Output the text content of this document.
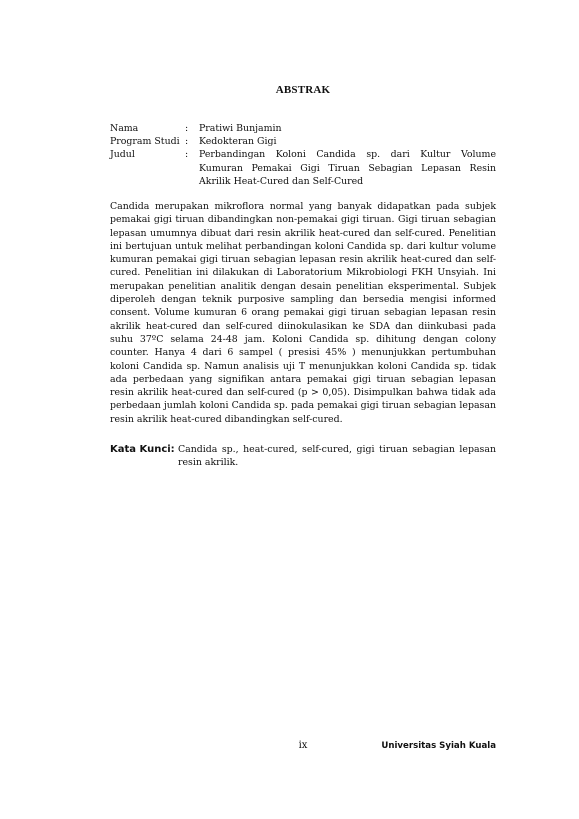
ABSTRAK
Nama	:	Pratiwi Bunjamin
Program Studi :	Kedokteran Gigi
Judul	:	Perbandingan Koloni Candida sp. dari Kultur Volume Kumuran Pemakai Gigi Tiruan Sebagian Lepasan Resin Akrilik Heat-Cured dan Self-Cured

Candida merupakan mikroflora normal yang banyak didapatkan pada subjek pemakai gigi tiruan dibandingkan non-pemakai gigi tiruan. Gigi tiruan sebagian lepasan umumnya dibuat dari resin akrilik heat-cured dan self-cured. Penelitian ini bertujuan untuk melihat perbandingan koloni Candida sp. dari kultur volume kumuran pemakai gigi tiruan sebagian lepasan resin akrilik heat-cured dan self-cured. Penelitian ini dilakukan di Laboratorium Mikrobiologi FKH Unsyiah. Ini merupakan penelitian analitik dengan desain penelitian eksperimental. Subjek diperoleh dengan teknik purposive sampling dan bersedia mengisi informed consent. Volume kumuran 6 orang pemakai gigi tiruan sebagian lepasan resin akrilik heat-cured dan self-cured diinokulasikan ke SDA dan diinkubasi pada suhu 37ºC selama 24-48 jam. Koloni Candida sp. dihitung dengan colony counter. Hanya 4 dari 6 sampel ( presisi 45% ) menunjukkan pertumbuhan koloni Candida sp. Namun analisis uji T menunjukkan koloni Candida sp. tidak ada perbedaan yang signifikan antara pemakai gigi tiruan sebagian lepasan resin akrilik heat-cured dan self-cured (p > 0,05). Disimpulkan bahwa tidak ada perbedaan jumlah koloni Candida sp. pada pemakai gigi tiruan sebagian lepasan resin akrilik heat-cured dibandingkan self-cured.

Kata Kunci: Candida sp., heat-cured, self-cured, gigi tiruan sebagian lepasan resin akrilik.
ix	Universitas Syiah Kuala
